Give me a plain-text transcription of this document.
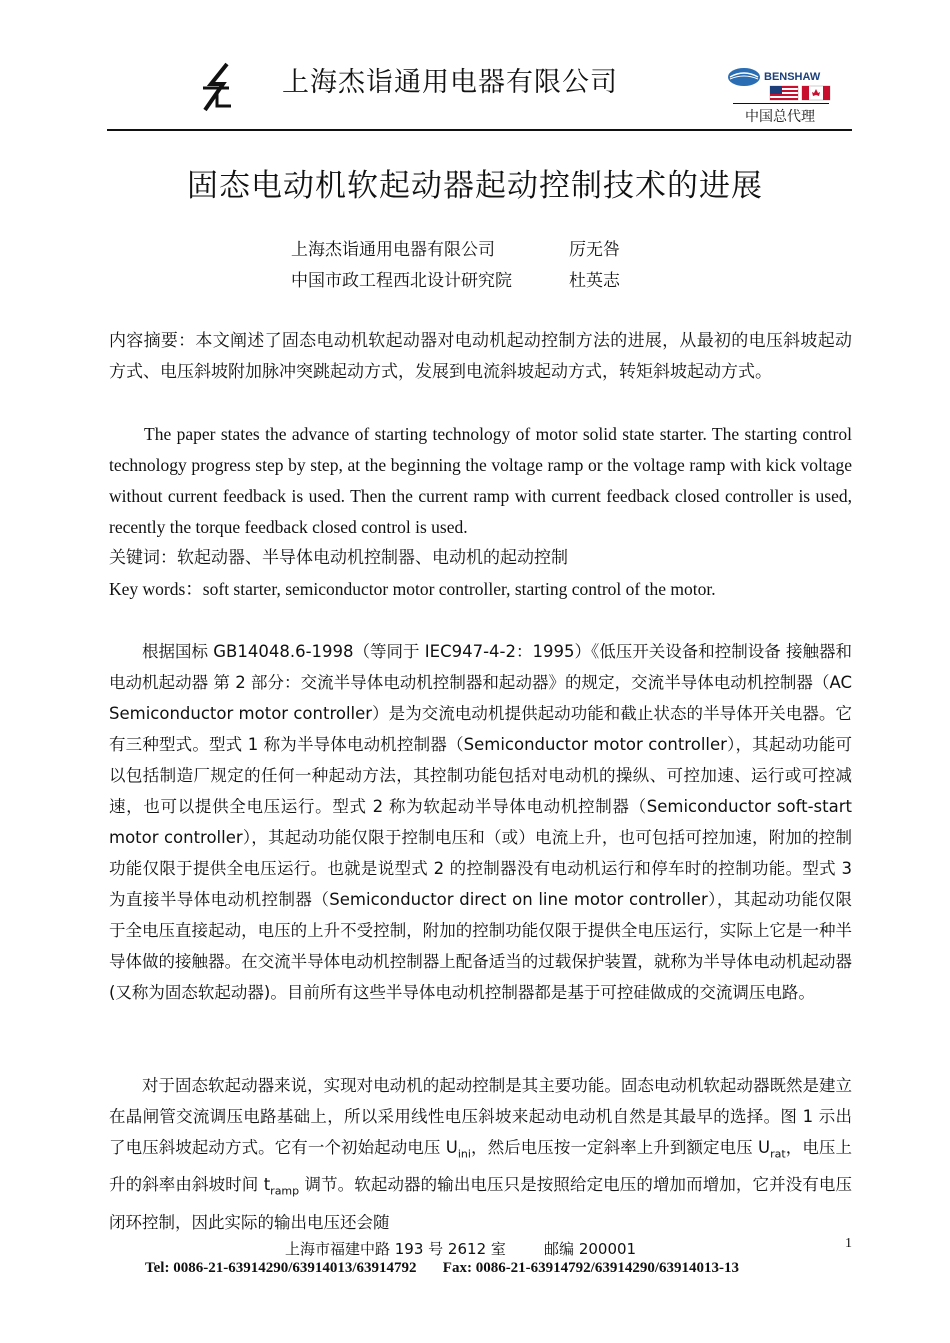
上海杰诣通用电器有限公司	BENSHAW
中国总代理
固态电动机软起动器起动控制技术的进展
上海杰诣通用电器有限公司	厉无咎
中国市政工程西北设计研究院	杜英志
内容摘要：本文阐述了固态电动机软起动器对电动机起动控制方法的进展，从最初的电压斜坡起动方式、电压斜坡附加脉冲突跳起动方式，发展到电流斜坡起动方式，转矩斜坡起动方式。
The paper states the advance of starting technology of motor solid state starter. The starting control technology progress step by step, at the beginning the voltage ramp or the voltage ramp with kick voltage without current feedback is used. Then the current ramp with current feedback closed controller is used, recently the torque feedback closed control is used.
关键词：软起动器、半导体电动机控制器、电动机的起动控制
Key words：soft starter, semiconductor motor controller, starting control of the motor.
根据国标 GB14048.6-1998（等同于 IEC947-4-2：1995）《低压开关设备和控制设备 接触器和电动机起动器 第 2 部分：交流半导体电动机控制器和起动器》的规定，交流半导体电动机控制器（AC Semiconductor motor controller）是为交流电动机提供起动功能和截止状态的半导体开关电器。它有三种型式。型式 1 称为半导体电动机控制器（Semiconductor motor controller），其起动功能可以包括制造厂规定的任何一种起动方法，其控制功能包括对电动机的操纵、可控加速、运行或可控减速，也可以提供全电压运行。型式 2 称为软起动半导体电动机控制器（Semiconductor soft-start motor controller），其起动功能仅限于控制电压和（或）电流上升，也可包括可控加速，附加的控制功能仅限于提供全电压运行。也就是说型式 2 的控制器没有电动机运行和停车时的控制功能。型式 3 为直接半导体电动机控制器（Semiconductor direct on line motor controller），其起动功能仅限于全电压直接起动，电压的上升不受控制，附加的控制功能仅限于提供全电压运行，实际上它是一种半导体做的接触器。在交流半导体电动机控制器上配备适当的过载保护装置，就称为半导体电动机起动器(又称为固态软起动器)。目前所有这些半导体电动机控制器都是基于可控硅做成的交流调压电路。
对于固态软起动器来说，实现对电动机的起动控制是其主要功能。固态电动机软起动器既然是建立在晶闸管交流调压电路基础上，所以采用线性电压斜坡来起动电动机自然是其最早的选择。图 1 示出了电压斜坡起动方式。它有一个初始起动电压 $U_{ini}$，然后电压按一定斜率上升到额定电压 $U_{rat}$，电压上升的斜率由斜坡时间 $t_{ramp}$ 调节。软起动器的输出电压只是按照给定电压的增加而增加，它并没有电压闭环控制，因此实际的输出电压还会随
上海市福建中路 193 号 2612 室	邮编 200001	1
Tel: 0086-21-63914290/63914013/63914792 Fax: 0086-21-63914792/63914290/63914013-13
